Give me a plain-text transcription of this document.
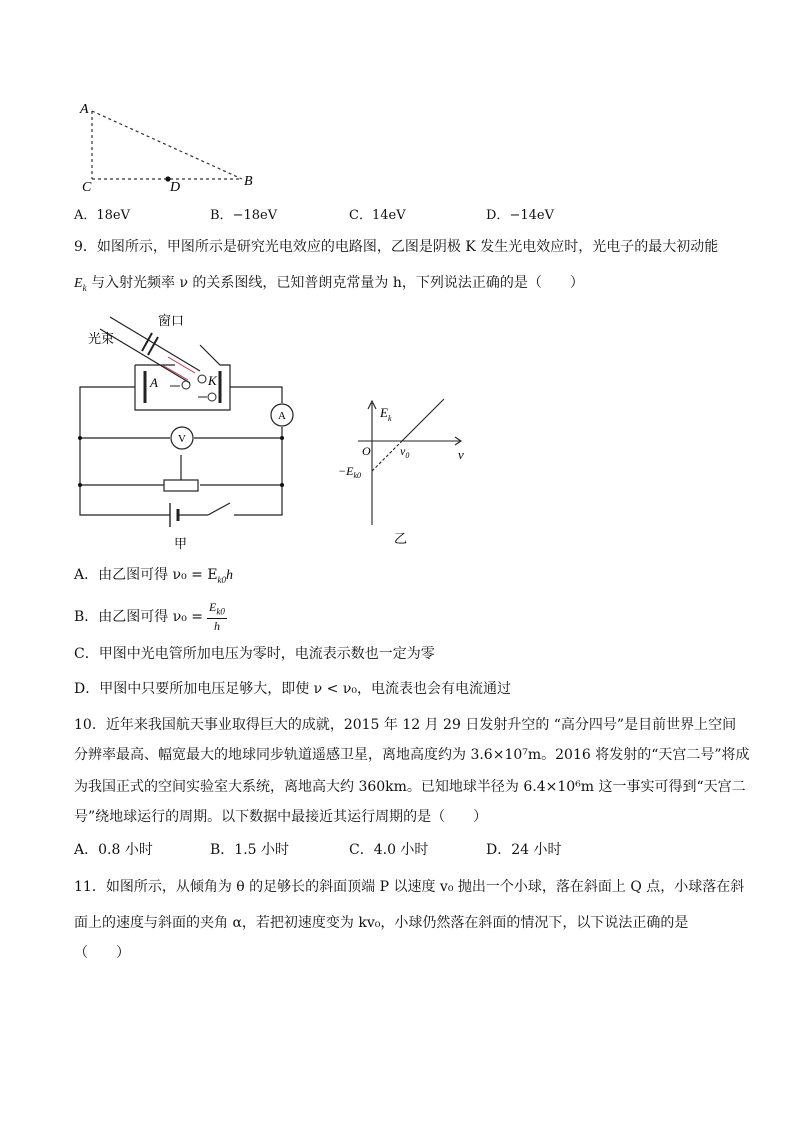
A
C	D	B
A．18eV	B．−18eV	C．14eV	D．−14eV
9．如图所示，甲图所示是研究光电效应的电路图，乙图是阴极 K 发生光电效应时，光电子的最大初动能
$E_k$ 与入射光频率 ν 的关系图线，已知普朗克常量为 h，下列说法正确的是（　　）
光束
窗口
A	K
A
V
甲
$E_k$
O $\nu_0$	ν
$-E_{k0}$
乙
A．由乙图可得 $\nu_0 = E_{k0}h$
B．由乙图可得 $\nu_0 = \frac{E_{k0}}{h}$
C．甲图中光电管所加电压为零时，电流表示数也一定为零
D．甲图中只要所加电压足够大，即使 ν < ν₀，电流表也会有电流通过
10．近年来我国航天事业取得巨大的成就，2015 年 12 月 29 日发射升空的 “高分四号”是目前世界上空间
分辨率最高、幅宽最大的地球同步轨道遥感卫星，离地高度约为 3.6×10⁷m。2016 将发射的“天宫二号”将成
为我国正式的空间实验室大系统，离地高大约 360km。已知地球半径为 6.4×10⁶m 这一事实可得到“天宫二
号”绕地球运行的周期。以下数据中最接近其运行周期的是（　　）
A．0.8 小时	B．1.5 小时	C．4.0 小时	D．24 小时
11．如图所示，从倾角为 θ 的足够长的斜面顶端 P 以速度 v₀ 抛出一个小球，落在斜面上 Q 点，小球落在斜
面上的速度与斜面的夹角 α，若把初速度变为 kv₀，小球仍然落在斜面的情况下，以下说法正确的是
（　　）
